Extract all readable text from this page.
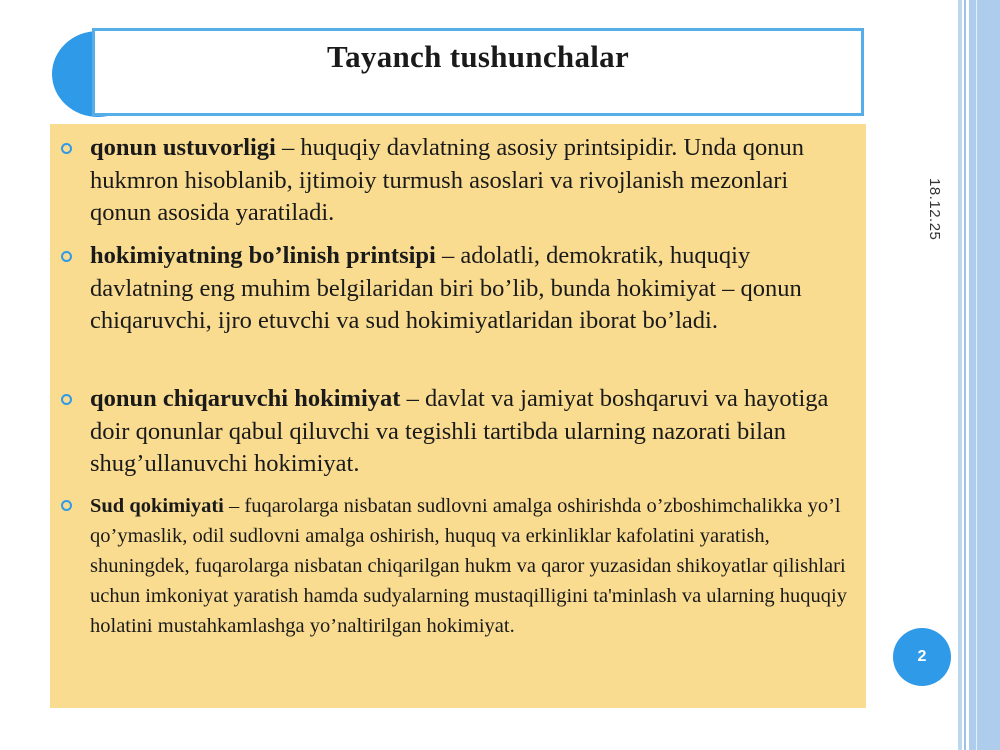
Tayanch tushunchalar

qonun ustuvorligi – huquqiy davlatning asosiy printsipidir. Unda qonun hukmron hisoblanib, ijtimoiy turmush asoslari va rivojlanish mezonlari qonun asosida yaratiladi.

hokimiyatning bo’linish printsipi – adolatli, demokratik, huquqiy davlatning eng muhim belgilaridan biri bo’lib, bunda hokimiyat – qonun chiqaruvchi, ijro etuvchi va sud hokimiyatlaridan iborat bo’ladi.

qonun chiqaruvchi hokimiyat – davlat va jamiyat boshqaruvi va hayotiga doir qonunlar qabul qiluvchi va tegishli tartibda ularning nazorati bilan shug’ullanuvchi hokimiyat.

Sud qokimiyati – fuqarolarga nisbatan sudlovni amalga oshirishda o’zboshimchalikka yo’l qo’ymaslik, odil sudlovni amalga oshirish, huquq va erkinliklar kafolatini yaratish, shuningdek, fuqarolarga nisbatan chiqarilgan hukm va qaror yuzasidan shikoyatlar qilishlari uchun imkoniyat yaratish hamda sudyalarning mustaqilligini ta'minlash va ularning huquqiy holatini mustahkamlashga yo’naltirilgan hokimiyat.

18.12.25
2
